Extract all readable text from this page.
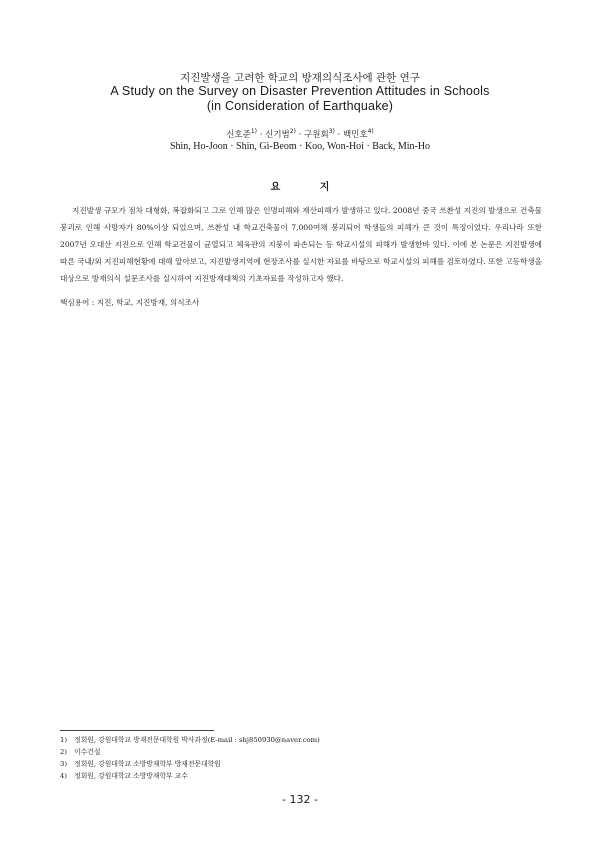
지진발생을 고려한 학교의 방재의식조사에 관한 연구
A Study on the Survey on Disaster Prevention Attitudes in Schools
(in Consideration of Earthquake)
신호준$^{1)}$ · 신기범$^{2)}$ · 구원회$^{3)}$ · 백민호$^{4)}$
Shin, Ho-Joon · Shin, Gi-Beom · Koo, Won-Hoi · Back, Min-Ho
요 지

지진발생 규모가 점차 대형화, 복잡화되고 그로 인해 많은 인명피해와 재산피해가 발생하고 있다. 2008년 중국 쓰촨성 지진의 발생으로 건축물 붕괴로 인해 사망자가 80%이상 되었으며, 쓰촨성 내 학교건축물이 7,000여채 붕괴되어 학생들의 피해가 큰 것이 특징이었다. 우리나라 또한 2007년 오대산 지진으로 인해 학교건물이 균열되고 체육관의 지붕이 파손되는 등 학교시설의 피해가 발생한바 있다. 이에 본 논문은 지진발생에 따른 국내/외 지진피해현황에 대해 알아보고, 지진발생지역에 현장조사를 실시한 자료를 바탕으로 학교시설의 피해를 검토하였다. 또한 고등학생을 대상으로 방재의식 설문조사를 실시하여 지진방재대책의 기초자료를 작성하고자 했다.

핵심용어 : 지진, 학교, 지진방재, 의식조사
1) 정회원, 강원대학교 방재전문대학원 박사과정(E-mail : shj850930@naver.com)
2) 이수건설
3) 정회원, 강원대학교 소방방재학부 방재전문대학원
4) 정회원, 강원대학교 소방방재학부 교수
- 132 -
